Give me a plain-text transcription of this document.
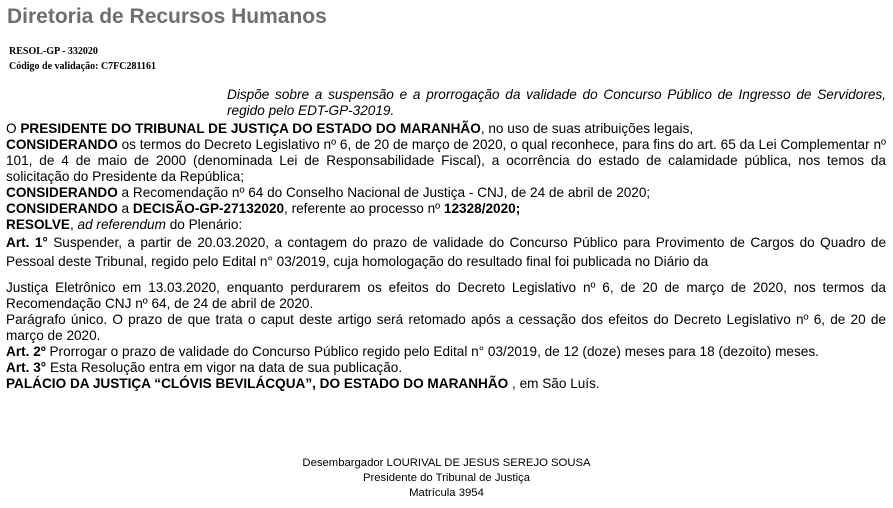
Diretoria de Recursos Humanos
RESOL-GP - 332020
Código de validação: C7FC281161
Dispõe sobre a suspensão e a prorrogação da validade do Concurso Público de Ingresso de Servidores, regido pelo EDT-GP-32019.

O PRESIDENTE DO TRIBUNAL DE JUSTIÇA DO ESTADO DO MARANHÃO, no uso de suas atribuições legais,

CONSIDERANDO os termos do Decreto Legislativo nº 6, de 20 de março de 2020, o qual reconhece, para fins do art. 65 da Lei Complementar nº 101, de 4 de maio de 2000 (denominada Lei de Responsabilidade Fiscal), a ocorrência do estado de calamidade pública, nos temos da solicitação do Presidente da República;

CONSIDERANDO a Recomendação nº 64 do Conselho Nacional de Justiça - CNJ, de 24 de abril de 2020;

CONSIDERANDO a DECISÃO-GP-27132020, referente ao processo nº 12328/2020;

RESOLVE, ad referendum do Plenário:

Art. 1° Suspender, a partir de 20.03.2020, a contagem do prazo de validade do Concurso Público para Provimento de Cargos do Quadro de Pessoal deste Tribunal, regido pelo Edital n° 03/2019, cuja homologação do resultado final foi publicada no Diário da

Justiça Eletrônico em 13.03.2020, enquanto perdurarem os efeitos do Decreto Legislativo nº 6, de 20 de março de 2020, nos termos da Recomendação CNJ nº 64, de 24 de abril de 2020.

Parágrafo único. O prazo de que trata o caput deste artigo será retomado após a cessação dos efeitos do Decreto Legislativo nº 6, de 20 de março de 2020.

Art. 2º Prorrogar o prazo de validade do Concurso Público regido pelo Edital n° 03/2019, de 12 (doze) meses para 18 (dezoito) meses.

Art. 3° Esta Resolução entra em vigor na data de sua publicação.

PALÁCIO DA JUSTIÇA “CLÓVIS BEVILÁCQUA”, DO ESTADO DO MARANHÃO , em São Luís.

Desembargador LOURIVAL DE JESUS SEREJO SOUSA
Presidente do Tribunal de Justiça
Matrícula 3954
